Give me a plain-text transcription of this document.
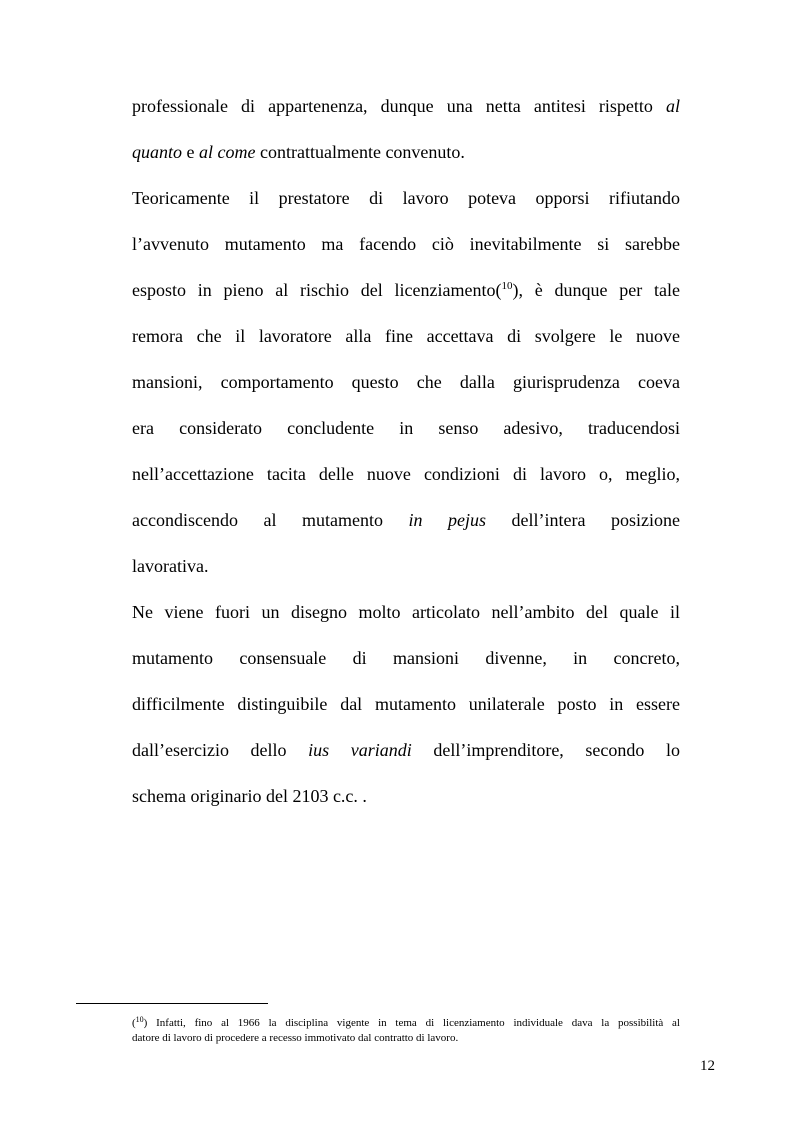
professionale di appartenenza, dunque una netta antitesi rispetto al

quanto e al come contrattualmente convenuto.

Teoricamente il prestatore di lavoro poteva opporsi rifiutando

l’avvenuto mutamento ma facendo ciò inevitabilmente si sarebbe

esposto in pieno al rischio del licenziamento($^{10}$), è dunque per tale

remora che il lavoratore alla fine accettava di svolgere le nuove

mansioni, comportamento questo che dalla giurisprudenza coeva

era considerato concludente in senso adesivo, traducendosi

nell’accettazione tacita delle nuove condizioni di lavoro o, meglio,

accondiscendo al mutamento in pejus dell’intera posizione

lavorativa.

Ne viene fuori un disegno molto articolato nell’ambito del quale il

mutamento consensuale di mansioni divenne, in concreto,

difficilmente distinguibile dal mutamento unilaterale posto in essere

dall’esercizio dello ius variandi dell’imprenditore, secondo lo

schema originario del 2103 c.c. .

($^{10}$) Infatti, fino al 1966 la disciplina vigente in tema di licenziamento individuale dava la possibilità al

datore di lavoro di procedere a recesso immotivato dal contratto di lavoro.

12
